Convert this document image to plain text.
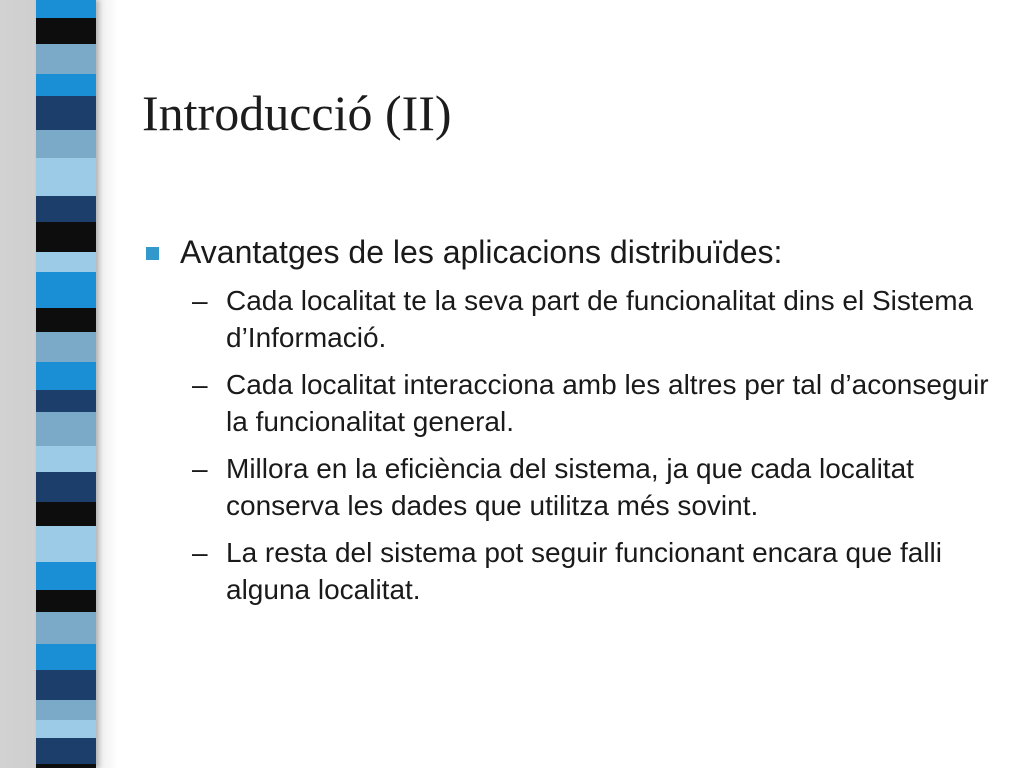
Introducció (II)
Avantatges de les aplicacions distribuïdes:
– Cada localitat te la seva part de funcionalitat dins el Sistema d’Informació.
– Cada localitat interacciona amb les altres per tal d’aconseguir la funcionalitat general.
– Millora en la eficiència del sistema, ja que cada localitat conserva les dades que utilitza més sovint.
– La resta del sistema pot seguir funcionant encara que falli alguna localitat.
